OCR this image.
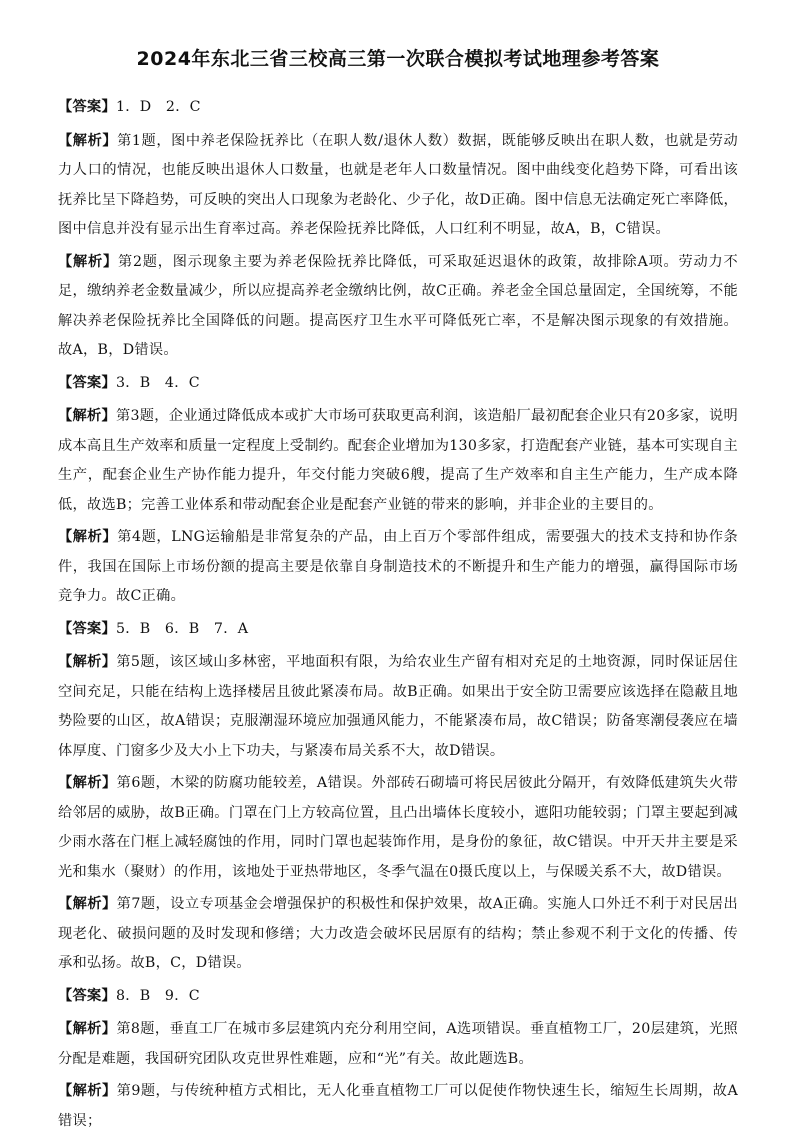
2024年东北三省三校高三第一次联合模拟考试地理参考答案
【答案】1．D   2．C
【解析】第1题，图中养老保险抚养比（在职人数/退休人数）数据，既能够反映出在职人数，也就是劳动力人口的情况，也能反映出退休人口数量，也就是老年人口数量情况。图中曲线变化趋势下降，可看出该抚养比呈下降趋势，可反映的突出人口现象为老龄化、少子化，故D正确。图中信息无法确定死亡率降低，图中信息并没有显示出生育率过高。养老保险抚养比降低，人口红利不明显，故A，B，C错误。
【解析】第2题，图示现象主要为养老保险抚养比降低，可采取延迟退休的政策，故排除A项。劳动力不足，缴纳养老金数量减少，所以应提高养老金缴纳比例，故C正确。养老金全国总量固定，全国统筹，不能解决养老保险抚养比全国降低的问题。提高医疗卫生水平可降低死亡率，不是解决图示现象的有效措施。故A，B，D错误。
【答案】3．B   4．C
【解析】第3题，企业通过降低成本或扩大市场可获取更高利润，该造船厂最初配套企业只有20多家，说明成本高且生产效率和质量一定程度上受制约。配套企业增加为130多家，打造配套产业链，基本可实现自主生产，配套企业生产协作能力提升，年交付能力突破6艘，提高了生产效率和自主生产能力，生产成本降低，故选B；完善工业体系和带动配套企业是配套产业链的带来的影响，并非企业的主要目的。
【解析】第4题，LNG运输船是非常复杂的产品，由上百万个零部件组成，需要强大的技术支持和协作条件，我国在国际上市场份额的提高主要是依靠自身制造技术的不断提升和生产能力的增强，赢得国际市场竞争力。故C正确。
【答案】5．B   6．B   7．A
【解析】第5题，该区域山多林密，平地面积有限，为给农业生产留有相对充足的土地资源，同时保证居住空间充足，只能在结构上选择楼居且彼此紧凑布局。故B正确。如果出于安全防卫需要应该选择在隐蔽且地势险要的山区，故A错误；克服潮湿环境应加强通风能力，不能紧凑布局，故C错误；防备寒潮侵袭应在墙体厚度、门窗多少及大小上下功夫，与紧凑布局关系不大，故D错误。
【解析】第6题，木梁的防腐功能较差，A错误。外部砖石砌墙可将民居彼此分隔开，有效降低建筑失火带给邻居的威胁，故B正确。门罩在门上方较高位置，且凸出墙体长度较小，遮阳功能较弱；门罩主要起到减少雨水落在门框上减轻腐蚀的作用，同时门罩也起装饰作用，是身份的象征，故C错误。中开天井主要是采光和集水（聚财）的作用，该地处于亚热带地区，冬季气温在0摄氏度以上，与保暖关系不大，故D错误。
【解析】第7题，设立专项基金会增强保护的积极性和保护效果，故A正确。实施人口外迁不利于对民居出现老化、破损问题的及时发现和修缮；大力改造会破坏民居原有的结构；禁止参观不利于文化的传播、传承和弘扬。故B，C，D错误。
【答案】8．B   9．C
【解析】第8题，垂直工厂在城市多层建筑内充分利用空间，A选项错误。垂直植物工厂，20层建筑，光照分配是难题，我国研究团队攻克世界性难题，应和“光”有关。故此题选B。
【解析】第9题，与传统种植方式相比，无人化垂直植物工厂可以促使作物快速生长，缩短生长周期，故A错误；
